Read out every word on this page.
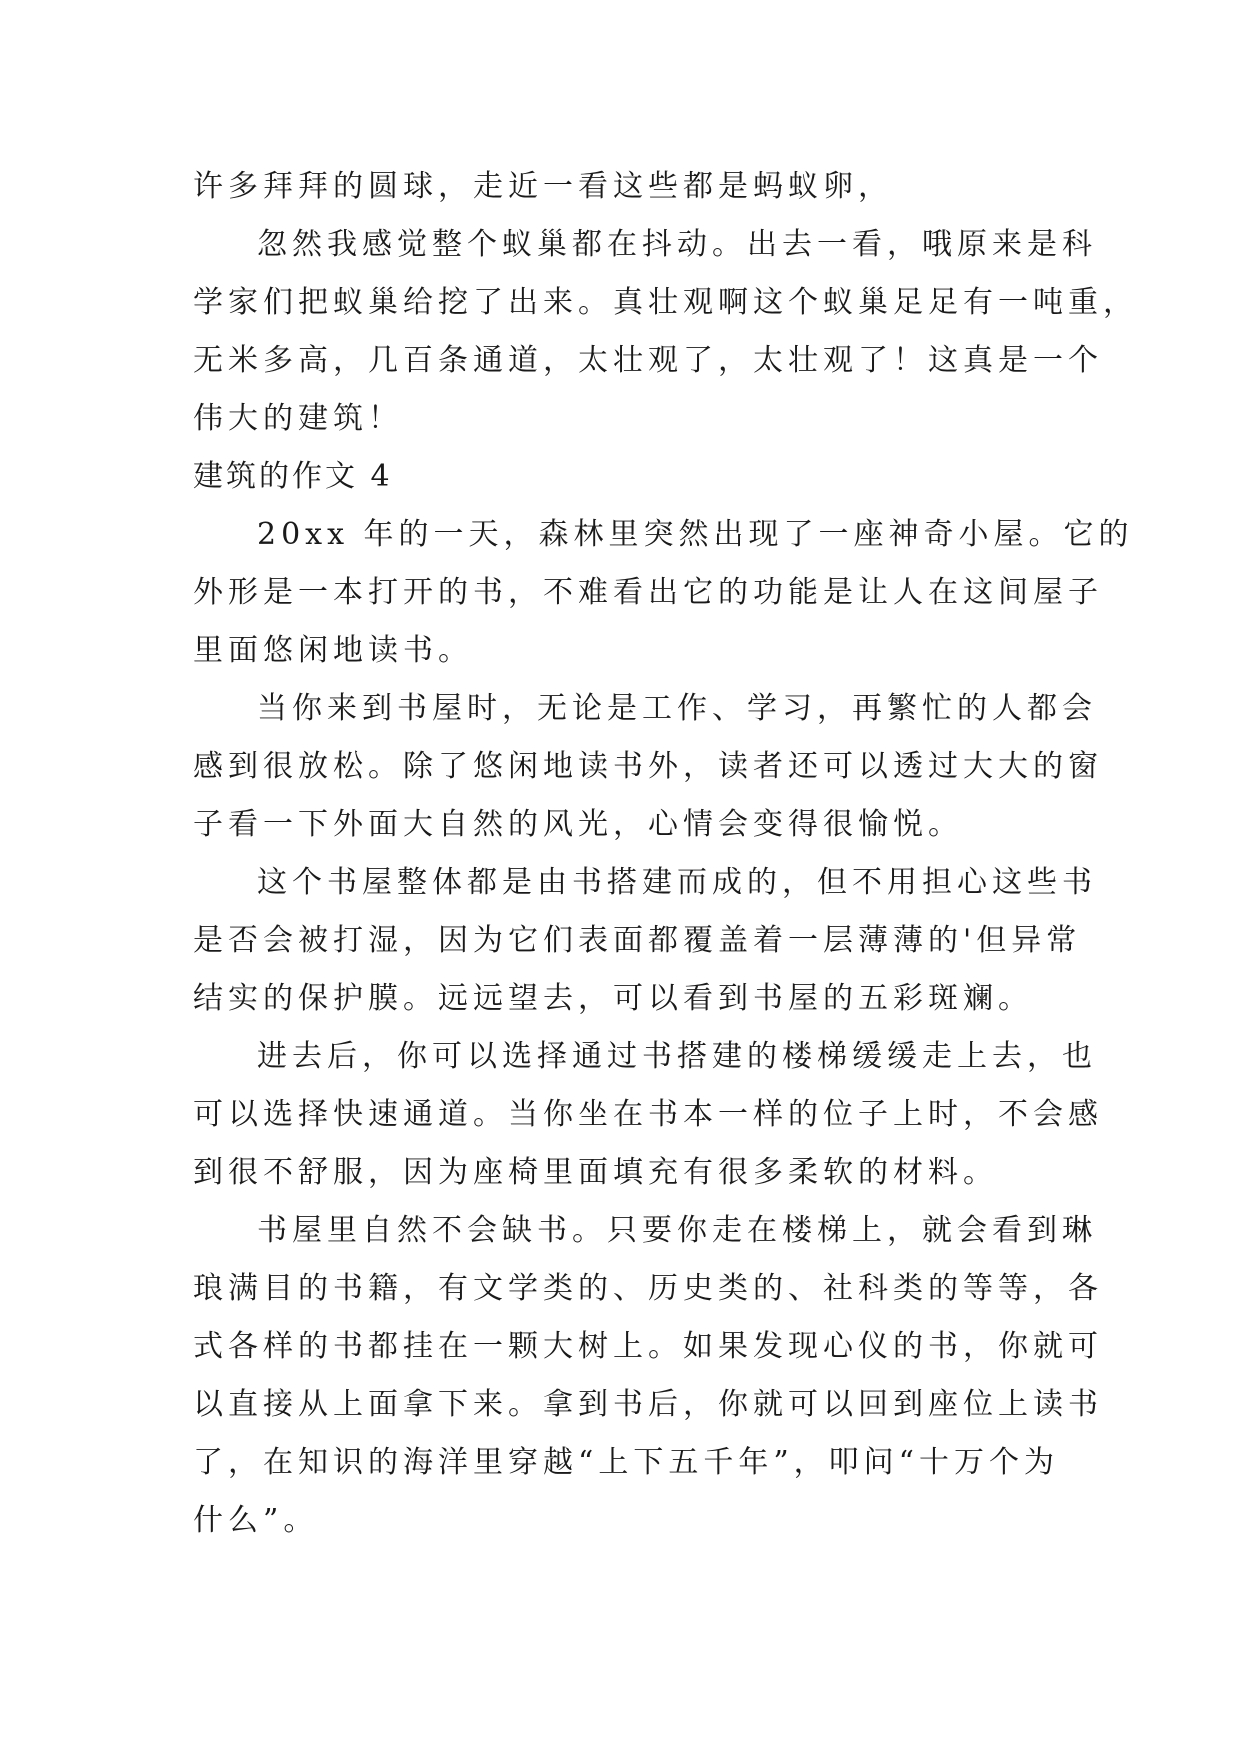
许多拜拜的圆球，走近一看这些都是蚂蚁卵，
忽然我感觉整个蚁巢都在抖动。出去一看，哦原来是科
学家们把蚁巢给挖了出来。真壮观啊这个蚁巢足足有一吨重，
无米多高，几百条通道，太壮观了，太壮观了！这真是一个
伟大的建筑！
建筑的作文 4
20xx 年的一天，森林里突然出现了一座神奇小屋。它的
外形是一本打开的书，不难看出它的功能是让人在这间屋子
里面悠闲地读书。
当你来到书屋时，无论是工作、学习，再繁忙的人都会
感到很放松。除了悠闲地读书外，读者还可以透过大大的窗
子看一下外面大自然的风光，心情会变得很愉悦。
这个书屋整体都是由书搭建而成的，但不用担心这些书
是否会被打湿，因为它们表面都覆盖着一层薄薄的'但异常
结实的保护膜。远远望去，可以看到书屋的五彩斑斓。
进去后，你可以选择通过书搭建的楼梯缓缓走上去，也
可以选择快速通道。当你坐在书本一样的位子上时，不会感
到很不舒服，因为座椅里面填充有很多柔软的材料。
书屋里自然不会缺书。只要你走在楼梯上，就会看到琳
琅满目的书籍，有文学类的、历史类的、社科类的等等，各
式各样的书都挂在一颗大树上。如果发现心仪的书，你就可
以直接从上面拿下来。拿到书后，你就可以回到座位上读书
了，在知识的海洋里穿越“上下五千年”，叩问“十万个为
什么”。
